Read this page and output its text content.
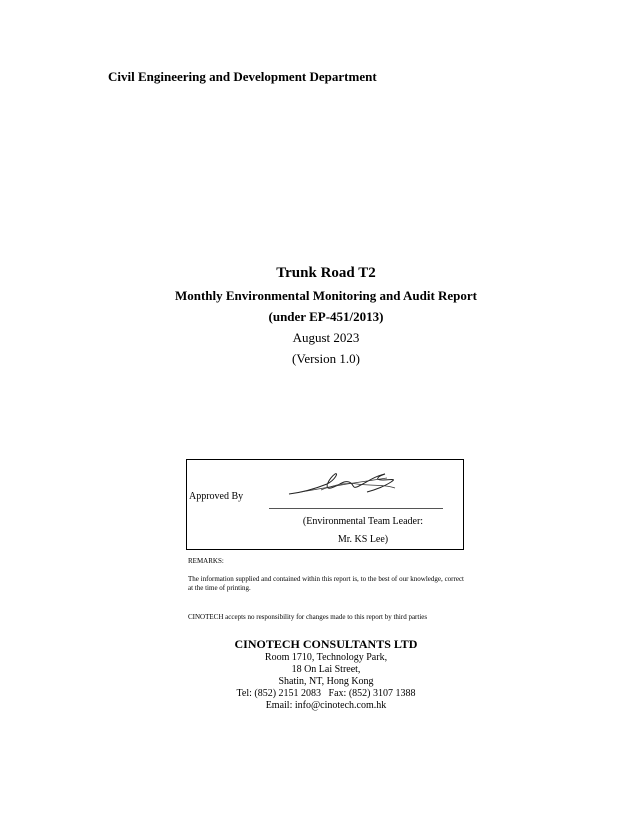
Civil Engineering and Development Department
Trunk Road T2
Monthly Environmental Monitoring and Audit Report
(under EP-451/2013)
August 2023
(Version 1.0)
Approved By
(Environmental Team Leader:
Mr. KS Lee)
REMARKS:
The information supplied and contained within this report is, to the best of our knowledge, correct at the time of printing.
CINOTECH accepts no responsibility for changes made to this report by third parties
CINOTECH CONSULTANTS LTD
Room 1710, Technology Park,
18 On Lai Street,
Shatin, NT, Hong Kong
Tel: (852) 2151 2083   Fax: (852) 3107 1388
Email: info@cinotech.com.hk
